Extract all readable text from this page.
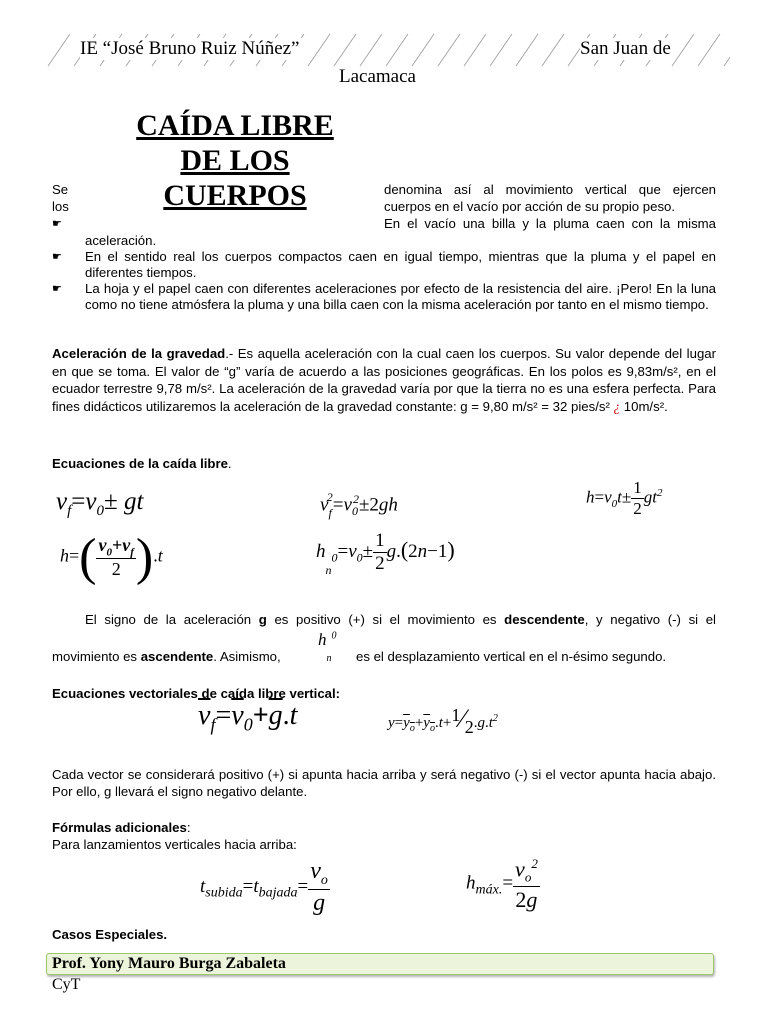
IE “José Bruno Ruiz Núñez”	San Juan de
Lacamaca
Se
los
denomina así al movimiento vertical que ejercen
cuerpos en el vacío por acción de su propio peso.
☛	En el vacío una billa y la pluma caen con la misma
aceleración.
☛ En el sentido real los cuerpos compactos caen en igual tiempo, mientras que la pluma y el papel en diferentes tiempos.
☛ La hoja y el papel caen con diferentes aceleraciones por efecto de la resistencia del aire. ¡Pero! En la luna como no tiene atmósfera la pluma y una billa caen con la misma aceleración por tanto en el mismo tiempo.
CAÍDA LIBRE
DE LOS
CUERPOS
Aceleración de la gravedad.- Es aquella aceleración con la cual caen los cuerpos. Su valor depende del lugar en que se toma. El valor de “g” varía de acuerdo a las posiciones geográficas. En los polos es 9,83m/s², en el ecuador terrestre 9,78 m/s². La aceleración de la gravedad varía por que la tierra no es una esfera perfecta. Para fines didácticos utilizaremos la aceleración de la gravedad constante: g = 9,80 m/s² = 32 pies/s² ¿ 10m/s².
Ecuaciones de la caída libre.
$v_f=v_0\pm$ gt	$v_f^2=v_0^2\pm 2gh$	$h=v_0t\pm \frac{1}{2} gt^2$
$h=( \frac{v_0+v_f}{2} ).t$	$h_{n0}=v_0\pm \frac{1}{2} g.(2n-1)$
El signo de la aceleración g es positivo (+) si el movimiento es descendente, y negativo (-) si el
movimiento es ascendente. Asimismo,
$h_n^0$
es el desplazamiento vertical en el n-ésimo segundo.
Ecuaciones vectoriales de caída libre vertical:
$\overline{v}_f=\overline{v}_0+\overline{g}.t$	$y=y_o+y_o.t+1⁄2.g.t^2$
Cada vector se considerará positivo (+) si apunta hacia arriba y será negativo (-) si el vector apunta hacia abajo. Por ello, g llevará el signo negativo delante.
Fórmulas adicionales:
Para lanzamientos verticales hacia arriba:
$t_{subida}=t_{bajada}= \frac{v_o}{g}$	$h_{máx.}= \frac{v_o^2}{2g}$
Casos Especiales.
Prof. Yony Mauro Burga Zabaleta
CyT
